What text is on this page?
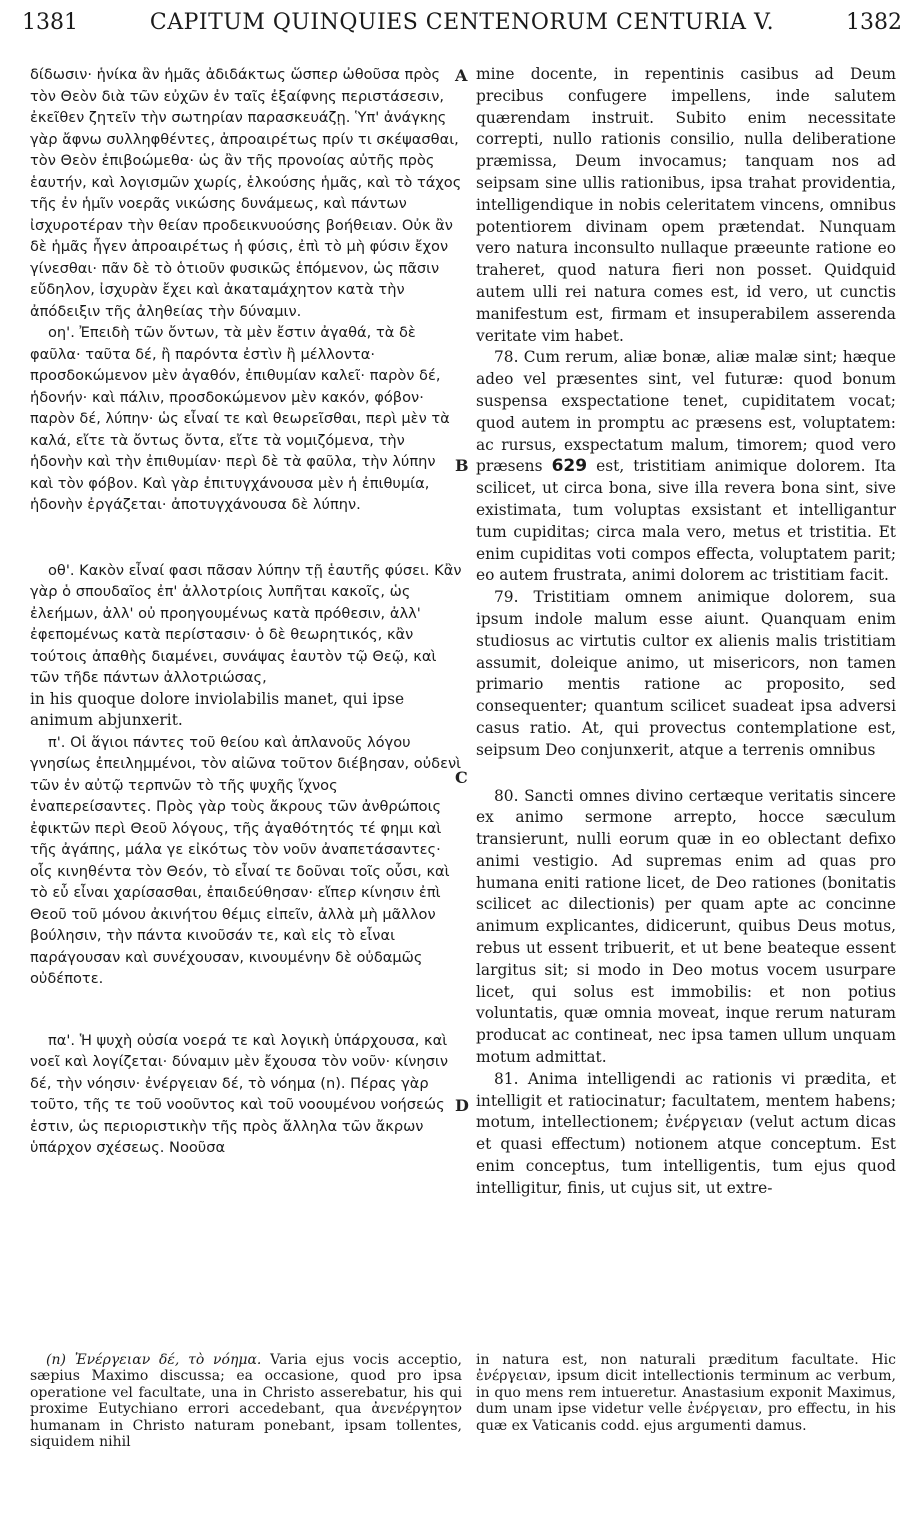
1381	CAPITUM QUINQUIES CENTENORUM CENTURIA V.	1382

δίδωσιν· ἡνίκα ἂν ἡμᾶς ἀδιδάκτως ὥσπερ ὠθοῦσα πρὸς τὸν Θεὸν διὰ τῶν εὐχῶν ἐν ταῖς ἐξαίφνης περιστάσεσιν, ἐκεῖθεν ζητεῖν τὴν σωτηρίαν παρασκευάζῃ. Ὑπ' ἀνάγκης γὰρ ἄφνω συλληφθέντες, ἀπροαιρέτως πρίν τι σκέψασθαι, τὸν Θεὸν ἐπιβοώμεθα· ὡς ἂν τῆς προνοίας αὐτῆς πρὸς ἑαυτήν, καὶ λογισμῶν χωρίς, ἑλκούσης ἡμᾶς, καὶ τὸ τάχος τῆς ἐν ἡμῖν νοερᾶς νικώσης δυνάμεως, καὶ πάντων ἰσχυροτέραν τὴν θείαν προδεικνυούσης βοήθειαν. Οὐκ ἂν δὲ ἡμᾶς ἦγεν ἀπροαιρέτως ἡ φύσις, ἐπὶ τὸ μὴ φύσιν ἔχον γίνεσθαι· πᾶν δὲ τὸ ὁτιοῦν φυσικῶς ἑπόμενον, ὡς πᾶσιν εὔδηλον, ἰσχυρὰν ἔχει καὶ ἀκαταμάχητον κατὰ τὴν ἀπόδειξιν τῆς ἀληθείας τὴν δύναμιν.

οη'. Ἐπειδὴ τῶν ὄντων, τὰ μὲν ἔστιν ἀγαθά, τὰ δὲ φαῦλα· ταῦτα δέ, ἢ παρόντα ἐστὶν ἢ μέλλοντα· προσδοκώμενον μὲν ἀγαθόν, ἐπιθυμίαν καλεῖ· παρὸν δέ, ἡδονήν· καὶ πάλιν, προσδοκώμενον μὲν κακόν, φόβον· παρὸν δέ, λύπην· ὡς εἶναί τε καὶ θεωρεῖσθαι, περὶ μὲν τὰ καλά, εἴτε τὰ ὄντως ὄντα, εἴτε τὰ νομιζόμενα, τὴν ἡδονὴν καὶ τὴν ἐπιθυμίαν· περὶ δὲ τὰ φαῦλα, τὴν λύπην καὶ τὸν φόβον. Καὶ γὰρ ἐπιτυγχάνουσα μὲν ἡ ἐπιθυμία, ἡδονὴν ἐργάζεται· ἀποτυγχάνουσα δὲ λύπην.

οθ'. Κακὸν εἶναί φασι πᾶσαν λύπην τῇ ἑαυτῆς φύσει. Κἂν γὰρ ὁ σπουδαῖος ἐπ' ἀλλοτρίοις λυπῆται κακοῖς, ὡς ἐλεήμων, ἀλλ' οὐ προηγουμένως κατὰ πρόθεσιν, ἀλλ' ἐφεπομένως κατὰ περίστασιν· ὁ δὲ θεωρητικός, κἂν τούτοις ἀπαθὴς διαμένει, συνάψας ἑαυτὸν τῷ Θεῷ, καὶ τῶν τῆδε πάντων ἀλλοτριώσας,

in his quoque dolore inviolabilis manet, qui ipse animum abjunxerit.

π'. Οἱ ἅγιοι πάντες τοῦ θείου καὶ ἀπλανοῦς λόγου γνησίως ἐπειλημμένοι, τὸν αἰῶνα τοῦτον διέβησαν, οὐδενὶ τῶν ἐν αὐτῷ τερπνῶν τὸ τῆς ψυχῆς ἴχνος ἐναπερείσαντες. Πρὸς γὰρ τοὺς ἄκρους τῶν ἀνθρώποις ἐφικτῶν περὶ Θεοῦ λόγους, τῆς ἀγαθότητός τέ φημι καὶ τῆς ἀγάπης, μάλα γε εἰκότως τὸν νοῦν ἀναπετάσαντες· οἷς κινηθέντα τὸν Θεόν, τὸ εἶναί τε δοῦναι τοῖς οὖσι, καὶ τὸ εὖ εἶναι χαρίσασθαι, ἐπαιδεύθησαν· εἴπερ κίνησιν ἐπὶ Θεοῦ τοῦ μόνου ἀκινήτου θέμις εἰπεῖν, ἀλλὰ μὴ μᾶλλον βούλησιν, τὴν πάντα κινοῦσάν τε, καὶ εἰς τὸ εἶναι παράγουσαν καὶ συνέχουσαν, κινουμένην δὲ οὐδαμῶς οὐδέποτε.

πα'. Ἡ ψυχὴ οὐσία νοερά τε καὶ λογικὴ ὑπάρχουσα, καὶ νοεῖ καὶ λογίζεται· δύναμιν μὲν ἔχουσα τὸν νοῦν· κίνησιν δέ, τὴν νόησιν· ἐνέργειαν δέ, τὸ νόημα (n). Πέρας γὰρ τοῦτο, τῆς τε τοῦ νοοῦντος καὶ τοῦ νοουμένου νοήσεώς ἐστιν, ὡς περιοριστικὴν τῆς πρὸς ἄλληλα τῶν ἄκρων ὑπάρχον σχέσεως. Νοοῦσα

A
B
C
D

mine docente, in repentinis casibus ad Deum precibus confugere impellens, inde salutem quærendam instruit. Subito enim necessitate correpti, nullo rationis consilio, nulla deliberatione præmissa, Deum invocamus; tanquam nos ad seipsam sine ullis rationibus, ipsa trahat providentia, intelligendique in nobis celeritatem vincens, omnibus potentiorem divinam opem prætendat. Nunquam vero natura inconsulto nullaque præeunte ratione eo traheret, quod natura fieri non posset. Quidquid autem ulli rei natura comes est, id vero, ut cunctis manifestum est, firmam et insuperabilem asserenda veritate vim habet.

78. Cum rerum, aliæ bonæ, aliæ malæ sint; hæque adeo vel præsentes sint, vel futuræ: quod bonum suspensa exspectatione tenet, cupiditatem vocat; quod autem in promptu ac præsens est, voluptatem: ac rursus, exspectatum malum, timorem; quod vero præsens 629 est, tristitiam animique dolorem. Ita scilicet, ut circa bona, sive illa revera bona sint, sive existimata, tum voluptas exsistant et intelligantur tum cupiditas; circa mala vero, metus et tristitia. Et enim cupiditas voti compos effecta, voluptatem parit; eo autem frustrata, animi dolorem ac tristitiam facit.

79. Tristitiam omnem animique dolorem, sua ipsum indole malum esse aiunt. Quanquam enim studiosus ac virtutis cultor ex alienis malis tristitiam assumit, doleique animo, ut misericors, non tamen primario mentis ratione ac proposito, sed consequenter; quantum scilicet suadeat ipsa adversi casus ratio. At, qui provectus contemplatione est, seipsum Deo conjunxerit, atque a terrenis omnibus

80. Sancti omnes divino certæque veritatis sincere ex animo sermone arrepto, hocce sæculum transierunt, nulli eorum quæ in eo oblectant defixo animi vestigio. Ad supremas enim ad quas pro humana eniti ratione licet, de Deo rationes (bonitatis scilicet ac dilectionis) per quam apte ac concinne animum explicantes, didicerunt, quibus Deus motus, rebus ut essent tribuerit, et ut bene beateque essent largitus sit; si modo in Deo motus vocem usurpare licet, qui solus est immobilis: et non potius voluntatis, quæ omnia moveat, inque rerum naturam producat ac contineat, nec ipsa tamen ullum unquam motum admittat.

81. Anima intelligendi ac rationis vi prædita, et intelligit et ratiocinatur; facultatem, mentem habens; motum, intellectionem; ἐνέργειαν (velut actum dicas et quasi effectum) notionem atque conceptum. Est enim conceptus, tum intelligentis, tum ejus quod intelligitur, finis, ut cujus sit, ut extre-

(n) Ἐνέργειαν δέ, τὸ νόημα. Varia ejus vocis acceptio, sæpius Maximo discussa; ea occasione, quod pro ipsa operatione vel facultate, una in Christo asserebatur, his qui proxime Eutychiano errori accedebant, qua ἀνενέργητον humanam in Christo naturam ponebant, ipsam tollentes, siquidem nihil

in natura est, non naturali præditum facultate. Hic ἐνέργειαν, ipsum dicit intellectionis terminum ac verbum, in quo mens rem intueretur. Anastasium exponit Maximus, dum unam ipse videtur velle ἐνέργειαν, pro effectu, in his quæ ex Vaticanis codd. ejus argumenti damus.
